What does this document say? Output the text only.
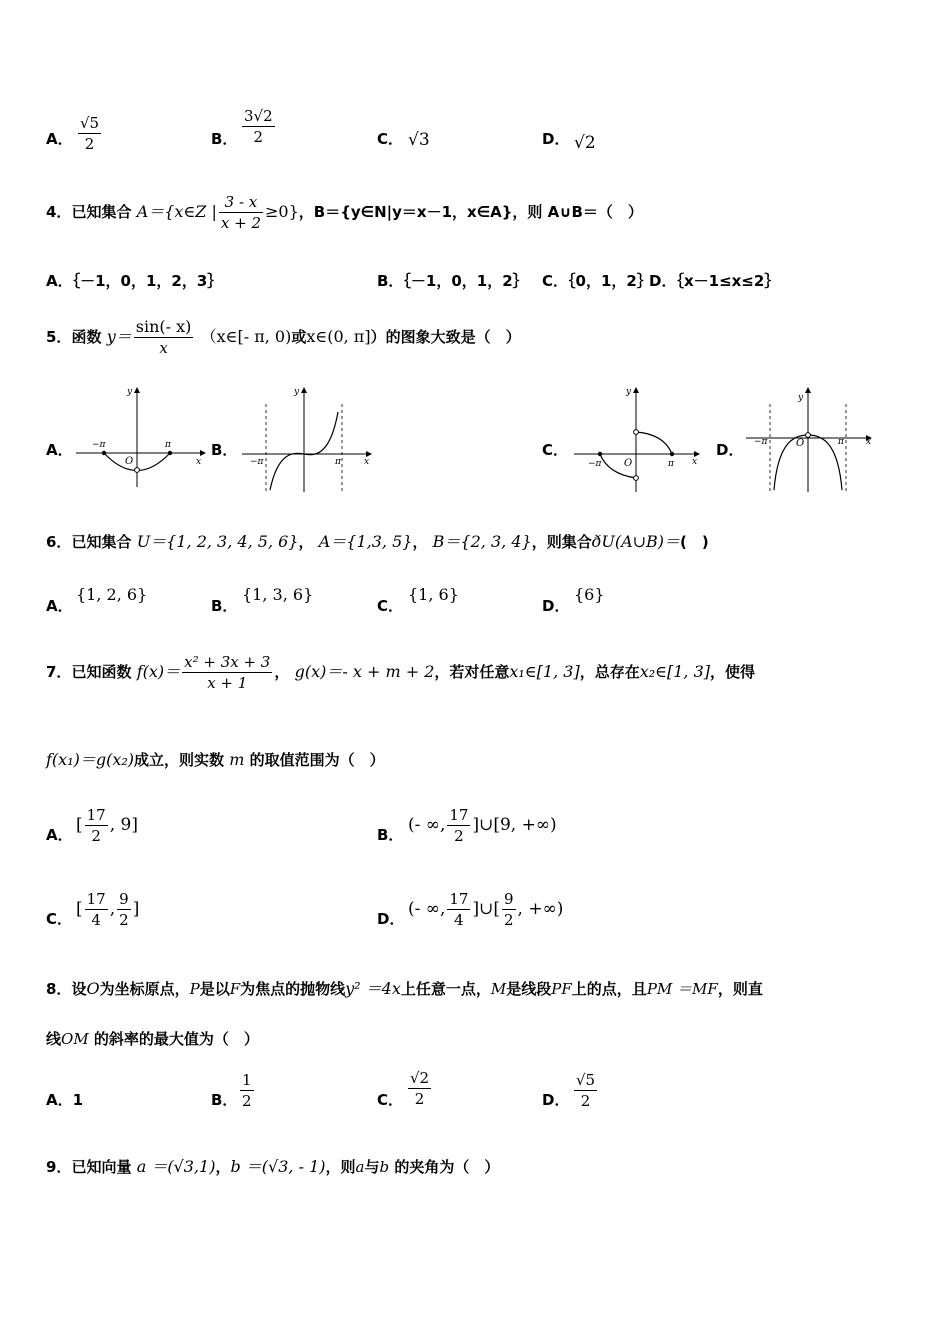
A． $\frac{√5}{2}$	B． $\frac{3√2}{2}$	C． √3	D． √2
4．已知集合 A＝{x∈Z | $\frac{3 - x}{x + 2} \ge 0$}，B＝{y∈N|y＝x－1，x∈A}，则 A∪B＝（　）
A．｛－1，0，1，2，3｝	B．｛－1，0，1，2｝ C．｛0，1，2｝
D．｛x－1≤x≤2｝
5．函数 $y= \frac{\sin(- x)}{x}$ （x∈[- π, 0)或x∈(0, π]）的图象大致是（　）
A．	B．	C．	D．
y
x
O
−π	π
y
x
−π	π
y
x
O
−π	π
y
x
O
−π	π
6．已知集合 U＝{1, 2, 3, 4, 5, 6}， A＝{1,3, 5}， B＝{2, 3, 4}，则集合ðU(A∪B)＝(　)
A．
{1, 2, 6}
B．
{1, 3, 6}
C．
{1, 6}
D．
{6}
7．已知函数 $f(x)= \frac{\text{x² + 3x + 3}}{x + 1}$ ， g(x)＝- x + m + 2，若对任意x₁∈[1, 3]，总存在x₂∈[1, 3]，使得
f(x₁)＝g(x₂)成立，则实数 m 的取值范围为（　）
A． [ $\frac{17}{2}$ , 9]	B． (- ∞, $\frac{17}{2}$ ]∪[9, +∞)
C． [ $\frac{17}{4}$ , $\frac{9}{2}$ ]	D． (- ∞, $\frac{17}{4}$ ]∪[ $\frac{9}{2}$ , +∞)
8．设O为坐标原点，P是以F为焦点的抛物线y² ＝4x上任意一点，M是线段PF上的点，且PM ＝MF，则直
线OM 的斜率的最大值为（　）
A．1	B． $\frac{1}{2}$	C． $\frac{√2}{2}$	D． $\frac{√5}{2}$
9．已知向量 a ＝(√3,1)，b ＝(√3, - 1)，则a与b 的夹角为（　）
